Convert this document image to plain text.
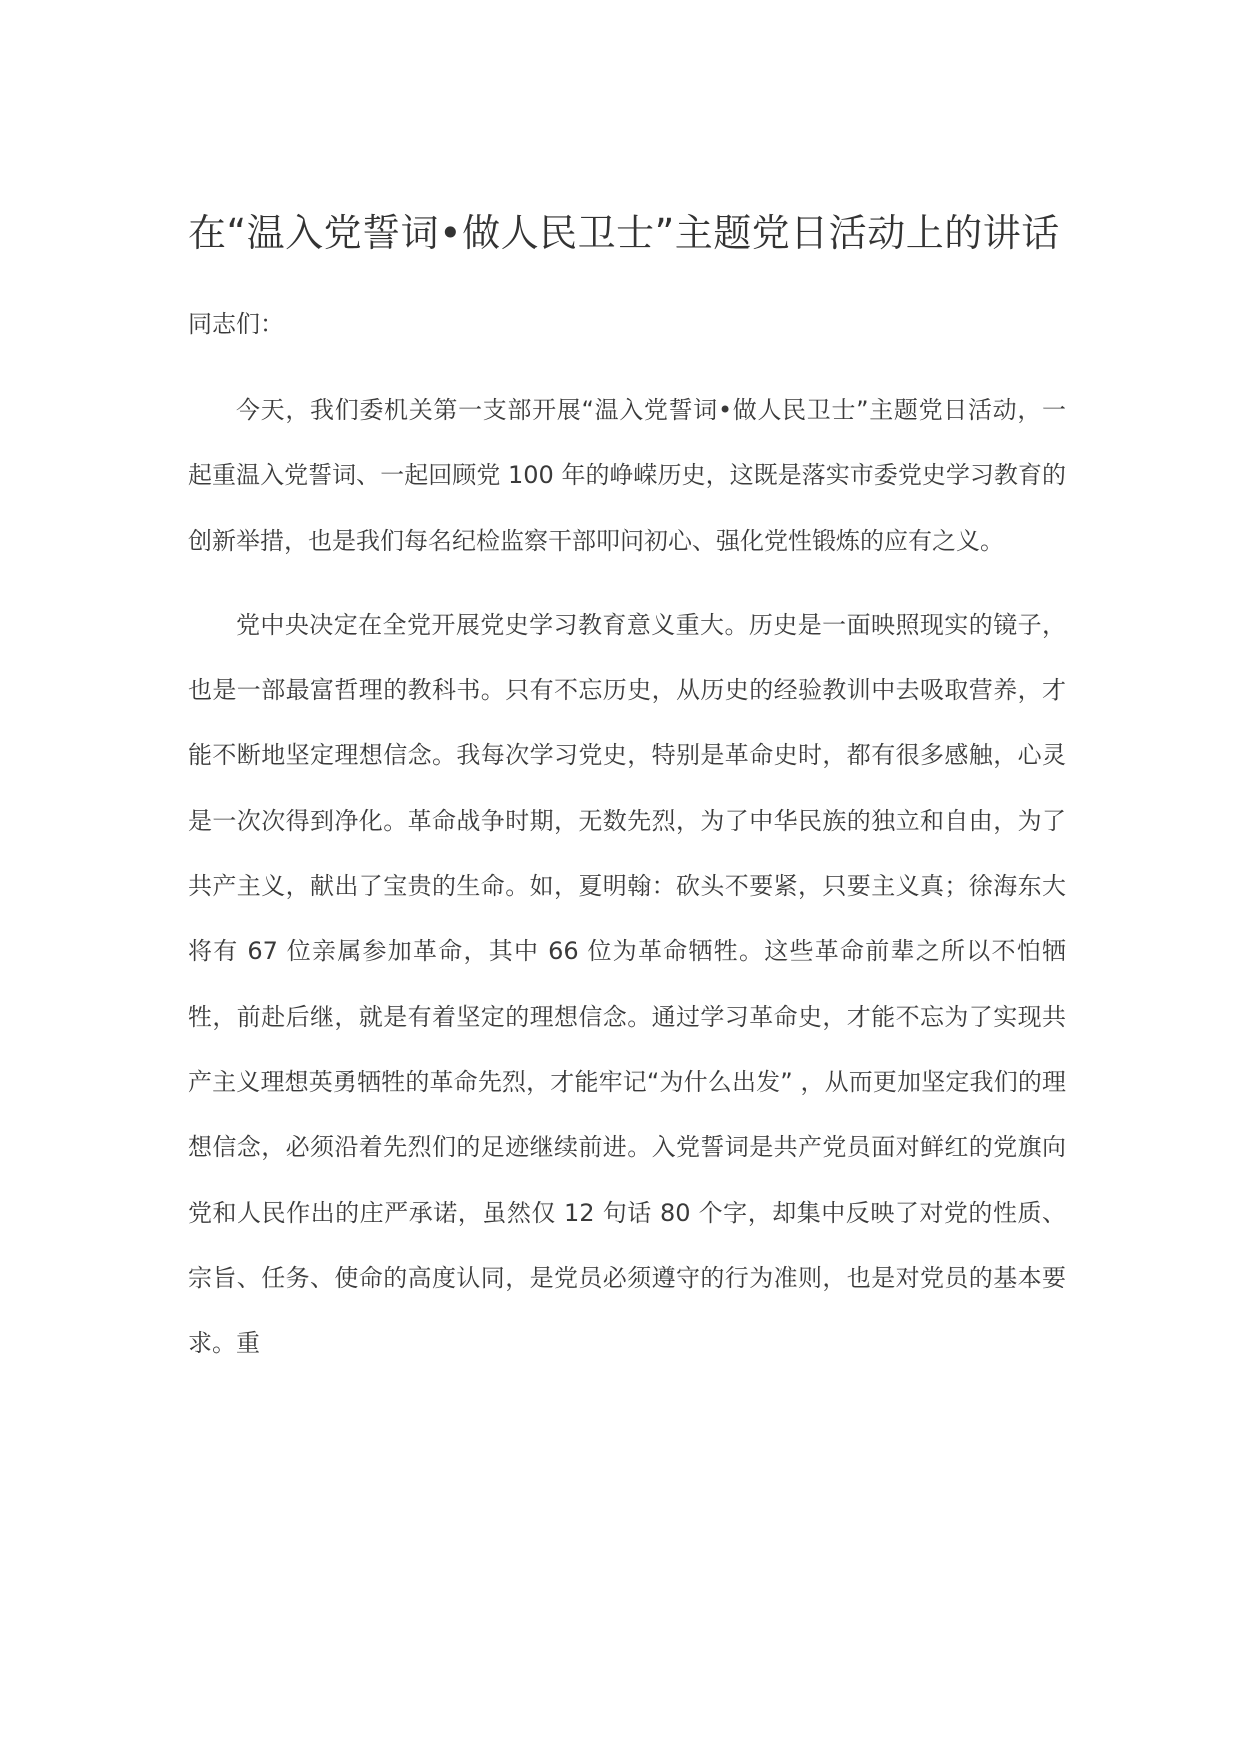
在“温入党誓词•做人民卫士”主题党日活动上的讲话

同志们：

今天，我们委机关第一支部开展“温入党誓词•做人民卫士”主题党日活动，一起重温入党誓词、一起回顾党 100 年的峥嵘历史，这既是落实市委党史学习教育的创新举措，也是我们每名纪检监察干部叩问初心、强化党性锻炼的应有之义。

党中央决定在全党开展党史学习教育意义重大。历史是一面映照现实的镜子，也是一部最富哲理的教科书。只有不忘历史，从历史的经验教训中去吸取营养，才能不断地坚定理想信念。我每次学习党史，特别是革命史时，都有很多感触，心灵是一次次得到净化。革命战争时期，无数先烈，为了中华民族的独立和自由，为了共产主义，献出了宝贵的生命。如，夏明翰：砍头不要紧，只要主义真；徐海东大将有 67 位亲属参加革命，其中 66 位为革命牺牲。这些革命前辈之所以不怕牺牲，前赴后继，就是有着坚定的理想信念。通过学习革命史，才能不忘为了实现共产主义理想英勇牺牲的革命先烈，才能牢记“为什么出发” ，从而更加坚定我们的理想信念，必须沿着先烈们的足迹继续前进。入党誓词是共产党员面对鲜红的党旗向党和人民作出的庄严承诺，虽然仅 12 句话 80 个字，却集中反映了对党的性质、宗旨、任务、使命的高度认同，是党员必须遵守的行为准则，也是对党员的基本要求。重
